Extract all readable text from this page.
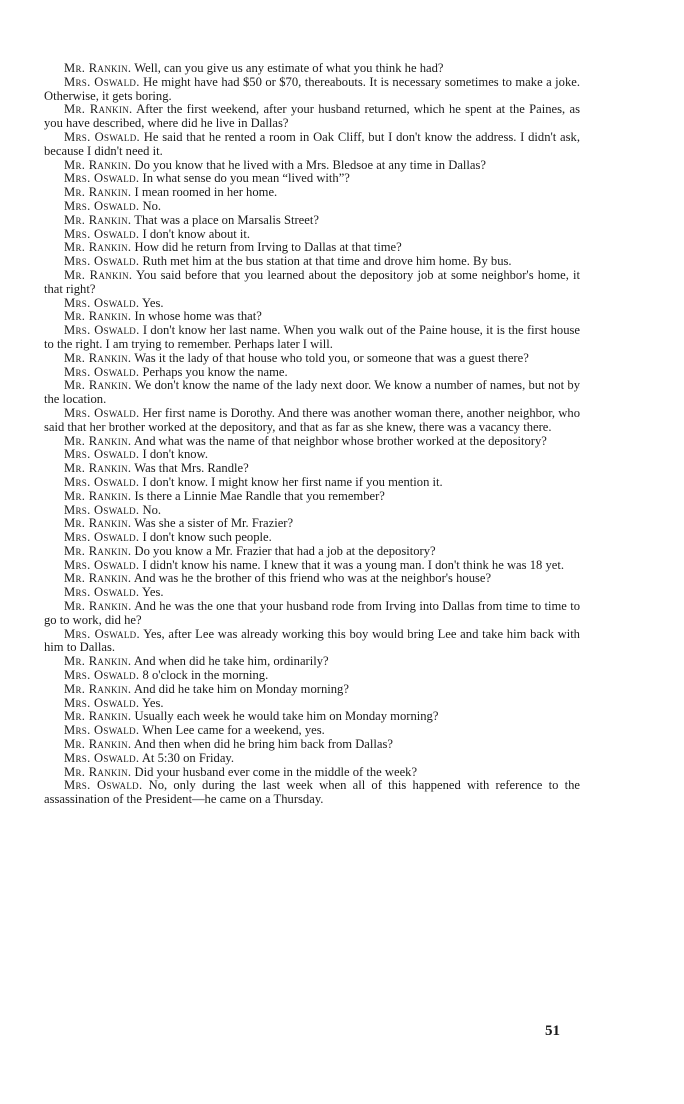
Mr. Rankin. Well, can you give us any estimate of what you think he had?

Mrs. Oswald. He might have had $50 or $70, thereabouts. It is necessary sometimes to make a joke. Otherwise, it gets boring.

Mr. Rankin. After the first weekend, after your husband returned, which he spent at the Paines, as you have described, where did he live in Dallas?

Mrs. Oswald. He said that he rented a room in Oak Cliff, but I don't know the address. I didn't ask, because I didn't need it.

Mr. Rankin. Do you know that he lived with a Mrs. Bledsoe at any time in Dallas?

Mrs. Oswald. In what sense do you mean “lived with”?

Mr. Rankin. I mean roomed in her home.

Mrs. Oswald. No.

Mr. Rankin. That was a place on Marsalis Street?

Mrs. Oswald. I don't know about it.

Mr. Rankin. How did he return from Irving to Dallas at that time?

Mrs. Oswald. Ruth met him at the bus station at that time and drove him home. By bus.

Mr. Rankin. You said before that you learned about the depository job at some neighbor's home, it that right?

Mrs. Oswald. Yes.

Mr. Rankin. In whose home was that?

Mrs. Oswald. I don't know her last name. When you walk out of the Paine house, it is the first house to the right. I am trying to remember. Perhaps later I will.

Mr. Rankin. Was it the lady of that house who told you, or someone that was a guest there?

Mrs. Oswald. Perhaps you know the name.

Mr. Rankin. We don't know the name of the lady next door. We know a number of names, but not by the location.

Mrs. Oswald. Her first name is Dorothy. And there was another woman there, another neighbor, who said that her brother worked at the depository, and that as far as she knew, there was a vacancy there.

Mr. Rankin. And what was the name of that neighbor whose brother worked at the depository?

Mrs. Oswald. I don't know.

Mr. Rankin. Was that Mrs. Randle?

Mrs. Oswald. I don't know. I might know her first name if you mention it.

Mr. Rankin. Is there a Linnie Mae Randle that you remember?

Mrs. Oswald. No.

Mr. Rankin. Was she a sister of Mr. Frazier?

Mrs. Oswald. I don't know such people.

Mr. Rankin. Do you know a Mr. Frazier that had a job at the depository?

Mrs. Oswald. I didn't know his name. I knew that it was a young man. I don't think he was 18 yet.

Mr. Rankin. And was he the brother of this friend who was at the neighbor's house?

Mrs. Oswald. Yes.

Mr. Rankin. And he was the one that your husband rode from Irving into Dallas from time to time to go to work, did he?

Mrs. Oswald. Yes, after Lee was already working this boy would bring Lee and take him back with him to Dallas.

Mr. Rankin. And when did he take him, ordinarily?

Mrs. Oswald. 8 o'clock in the morning.

Mr. Rankin. And did he take him on Monday morning?

Mrs. Oswald. Yes.

Mr. Rankin. Usually each week he would take him on Monday morning?

Mrs. Oswald. When Lee came for a weekend, yes.

Mr. Rankin. And then when did he bring him back from Dallas?

Mrs. Oswald. At 5:30 on Friday.

Mr. Rankin. Did your husband ever come in the middle of the week?

Mrs. Oswald. No, only during the last week when all of this happened with reference to the assassination of the President—he came on a Thursday.

51
